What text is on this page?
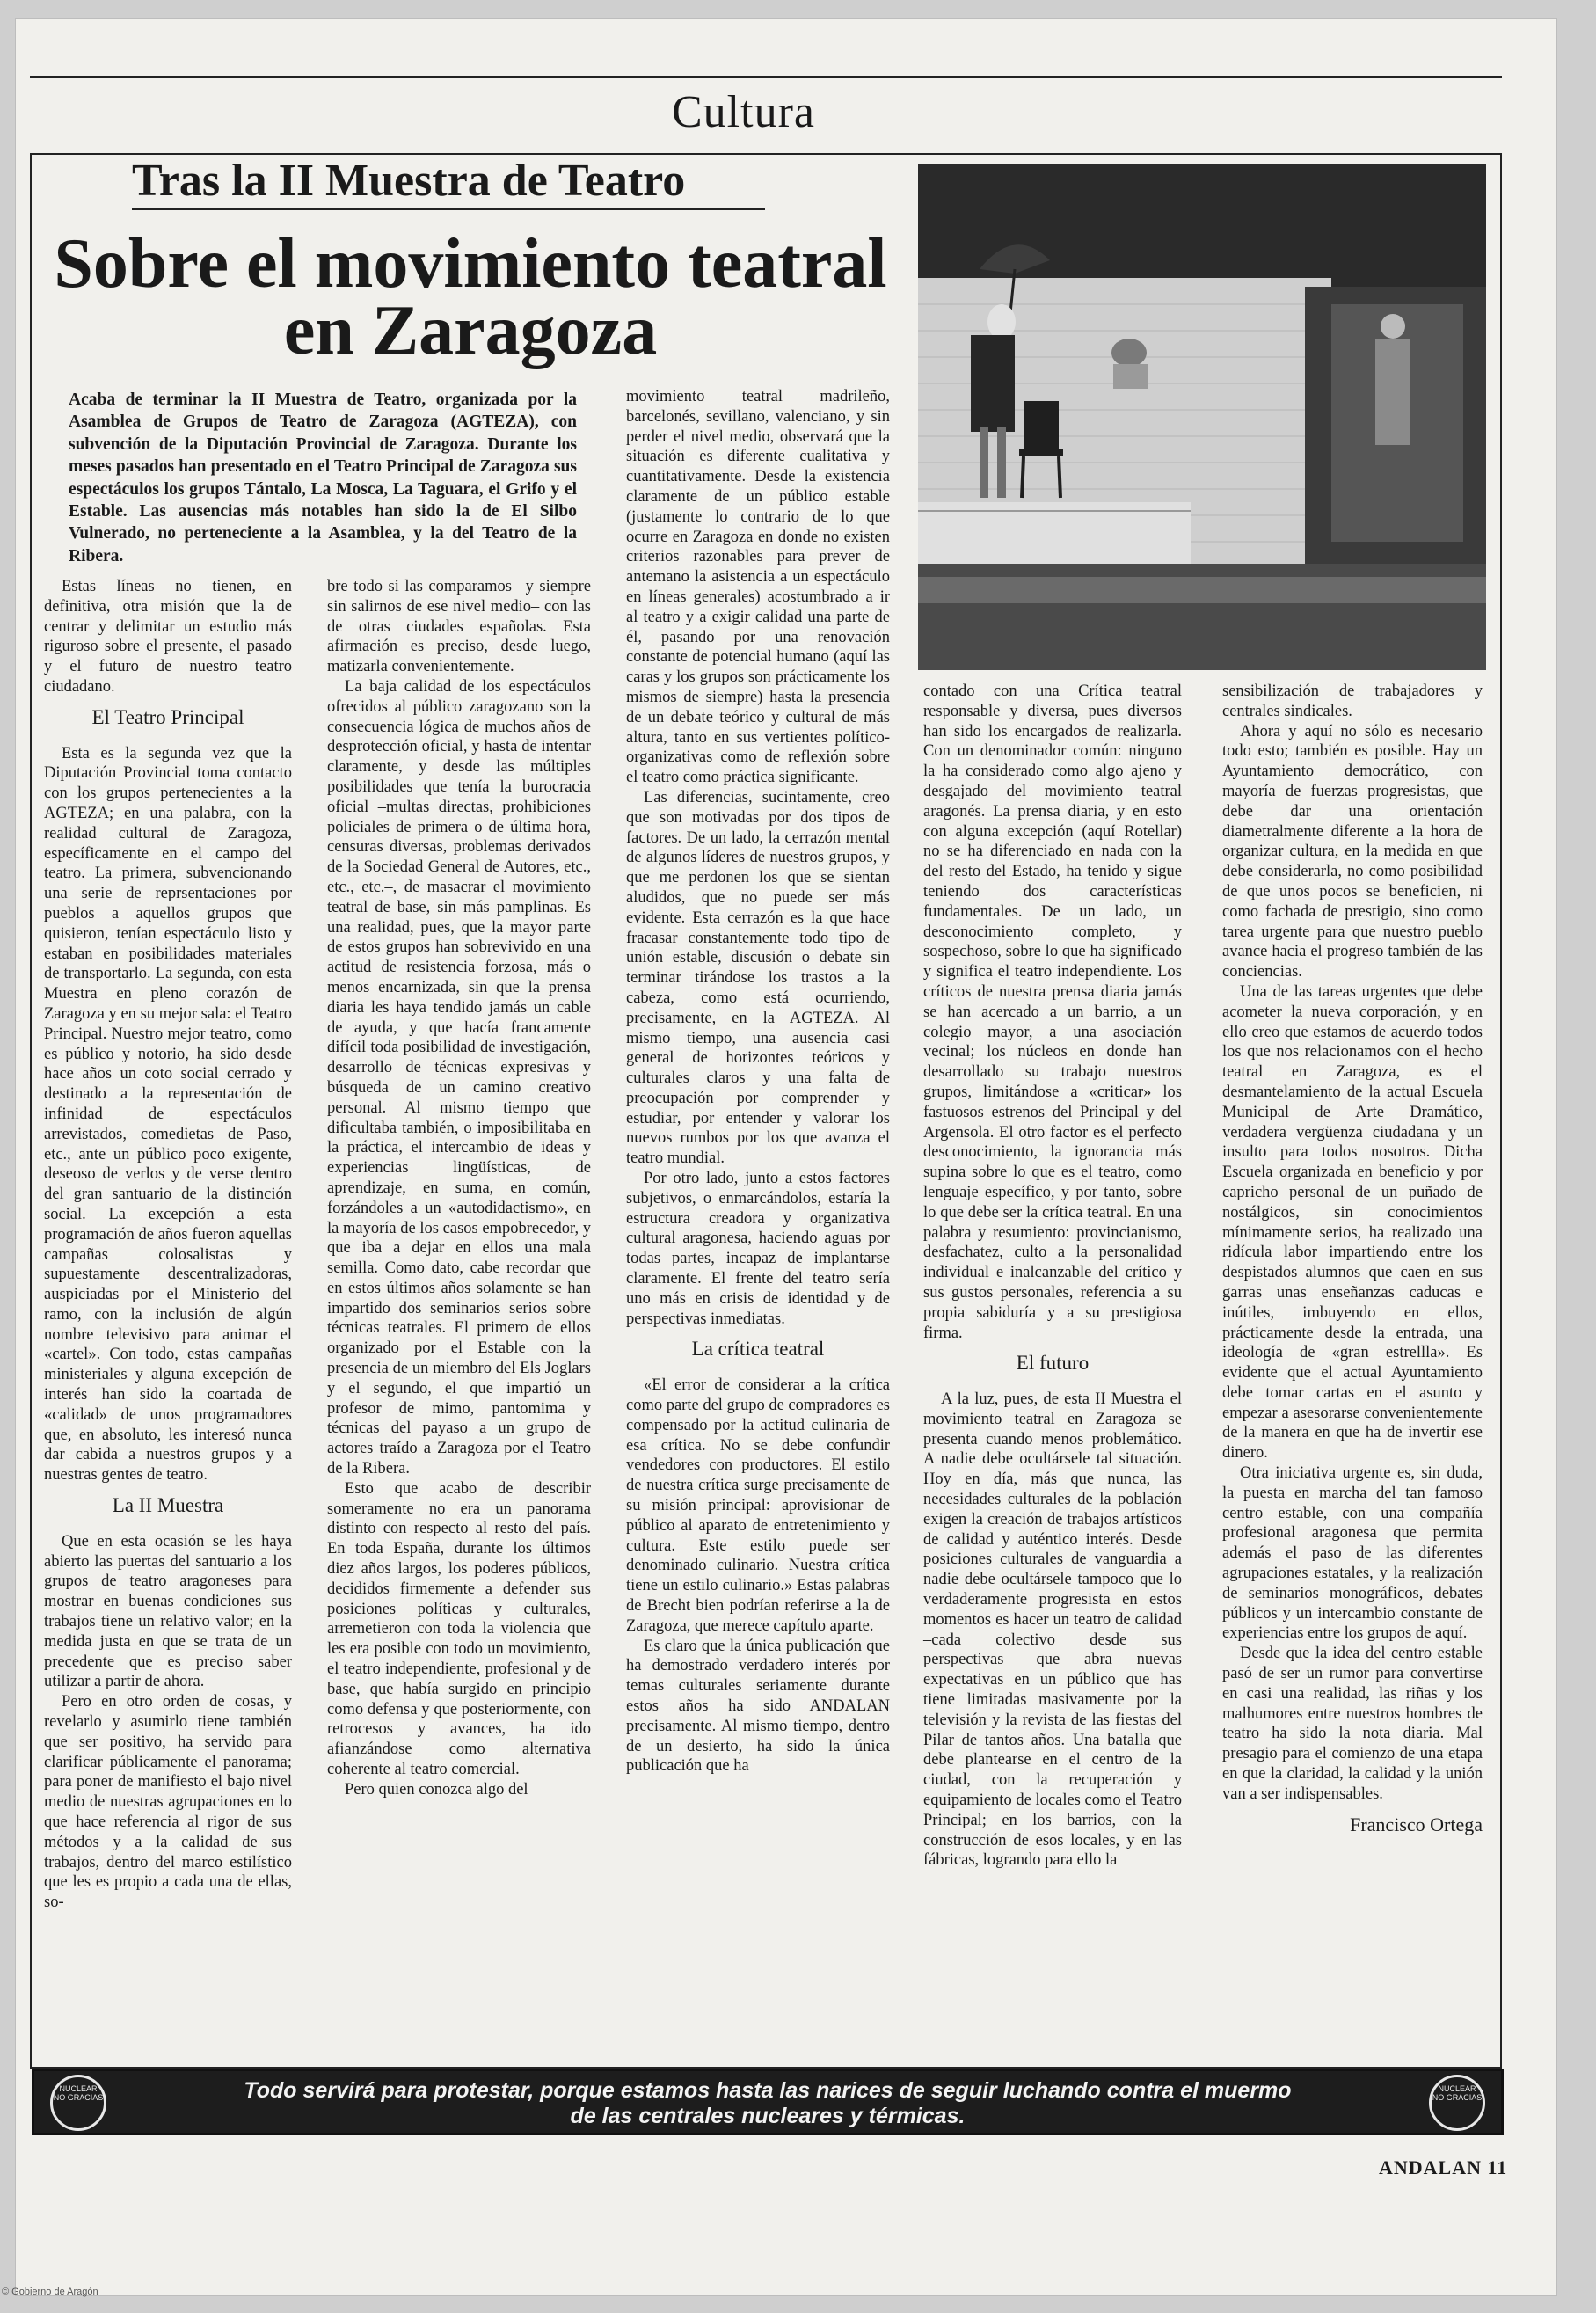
Cultura
Tras la II Muestra de Teatro
Sobre el movimiento teatral
en Zaragoza
Acaba de terminar la II Muestra de Teatro, organizada por la Asamblea de Grupos de Teatro de Zaragoza (AGTEZA), con subvención de la Diputación Provincial de Zaragoza. Durante los meses pasados han presentado en el Teatro Principal de Zaragoza sus espectáculos los grupos Tántalo, La Mosca, La Taguara, el Grifo y el Estable. Las ausencias más notables han sido la de El Silbo Vulnerado, no perteneciente a la Asamblea, y la del Teatro de la Ribera.

Estas líneas no tienen, en definitiva, otra misión que la de centrar y delimitar un estudio más riguroso sobre el presente, el pasado y el futuro de nuestro teatro ciudadano.

El Teatro Principal

Esta es la segunda vez que la Diputación Provincial toma contacto con los grupos pertenecientes a la AGTEZA; en una palabra, con la realidad cultural de Zaragoza, específicamente en el campo del teatro. La primera, subvencionando una serie de reprsentaciones por pueblos a aquellos grupos que quisieron, tenían espectáculo listo y estaban en posibilidades materiales de transportarlo. La segunda, con esta Muestra en pleno corazón de Zaragoza y en su mejor sala: el Teatro Principal. Nuestro mejor teatro, como es público y notorio, ha sido desde hace años un coto social cerrado y destinado a la representación de infinidad de espectáculos arrevistados, comedietas de Paso, etc., ante un público poco exigente, deseoso de verlos y de verse dentro del gran santuario de la distinción social. La excepción a esta programación de años fueron aquellas campañas colosalistas y supuestamente descentralizadoras, auspiciadas por el Ministerio del ramo, con la inclusión de algún nombre televisivo para animar el «cartel». Con todo, estas campañas ministeriales y alguna excepción de interés han sido la coartada de «calidad» de unos programadores que, en absoluto, les interesó nunca dar cabida a nuestros grupos y a nuestras gentes de teatro.

La II Muestra

Que en esta ocasión se les haya abierto las puertas del santuario a los grupos de teatro aragoneses para mostrar en buenas condiciones sus trabajos tiene un relativo valor; en la medida justa en que se trata de un precedente que es preciso saber utilizar a partir de ahora.

Pero en otro orden de cosas, y revelarlo y asumirlo tiene también que ser positivo, ha servido para clarificar públicamente el panorama; para poner de manifiesto el bajo nivel medio de nuestras agrupaciones en lo que hace referencia al rigor de sus métodos y a la calidad de sus trabajos, dentro del marco estilístico que les es propio a cada una de ellas, so-

bre todo si las comparamos –y siempre sin salirnos de ese nivel medio– con las de otras ciudades españolas. Esta afirmación es preciso, desde luego, matizarla convenientemente.

La baja calidad de los espectáculos ofrecidos al público zaragozano son la consecuencia lógica de muchos años de desprotección oficial, y hasta de intentar claramente, y desde las múltiples posibilidades que tenía la burocracia oficial –multas directas, prohibiciones policiales de primera o de última hora, censuras diversas, problemas derivados de la Sociedad General de Autores, etc., etc., etc.–, de masacrar el movimiento teatral de base, sin más pamplinas. Es una realidad, pues, que la mayor parte de estos grupos han sobrevivido en una actitud de resistencia forzosa, más o menos encarnizada, sin que la prensa diaria les haya tendido jamás un cable de ayuda, y que hacía francamente difícil toda posibilidad de investigación, desarrollo de técnicas expresivas y búsqueda de un camino creativo personal. Al mismo tiempo que dificultaba también, o imposibilitaba en la práctica, el intercambio de ideas y experiencias lingüísticas, de aprendizaje, en suma, en común, forzándoles a un «autodidactismo», en la mayoría de los casos empobrecedor, y que iba a dejar en ellos una mala semilla. Como dato, cabe recordar que en estos últimos años solamente se han impartido dos seminarios serios sobre técnicas teatrales. El primero de ellos organizado por el Estable con la presencia de un miembro del Els Joglars y el segundo, el que impartió un profesor de mimo, pantomima y técnicas del payaso a un grupo de actores traído a Zaragoza por el Teatro de la Ribera.

Esto que acabo de describir someramente no era un panorama distinto con respecto al resto del país. En toda España, durante los últimos diez años largos, los poderes públicos, decididos firmemente a defender sus posiciones políticas y culturales, arremetieron con toda la violencia que les era posible con todo un movimiento, el teatro independiente, profesional y de base, que había surgido en principio como defensa y que posteriormente, con retrocesos y avances, ha ido afianzándose como alternativa coherente al teatro comercial.

Pero quien conozca algo del

movimiento teatral madrileño, barcelonés, sevillano, valenciano, y sin perder el nivel medio, observará que la situación es diferente cualitativa y cuantitativamente. Desde la existencia claramente de un público estable (justamente lo contrario de lo que ocurre en Zaragoza en donde no existen criterios razonables para prever de antemano la asistencia a un espectáculo en líneas generales) acostumbrado a ir al teatro y a exigir calidad una parte de él, pasando por una renovación constante de potencial humano (aquí las caras y los grupos son prácticamente los mismos de siempre) hasta la presencia de un debate teórico y cultural de más altura, tanto en sus vertientes político-organizativas como de reflexión sobre el teatro como práctica significante.

Las diferencias, sucintamente, creo que son motivadas por dos tipos de factores. De un lado, la cerrazón mental de algunos líderes de nuestros grupos, y que me perdonen los que se sientan aludidos, que no puede ser más evidente. Esta cerrazón es la que hace fracasar constantemente todo tipo de unión estable, discusión o debate sin terminar tirándose los trastos a la cabeza, como está ocurriendo, precisamente, en la AGTEZA. Al mismo tiempo, una ausencia casi general de horizontes teóricos y culturales claros y una falta de preocupación por comprender y estudiar, por entender y valorar los nuevos rumbos por los que avanza el teatro mundial.

Por otro lado, junto a estos factores subjetivos, o enmarcándolos, estaría la estructura creadora y organizativa cultural aragonesa, haciendo aguas por todas partes, incapaz de implantarse claramente. El frente del teatro sería uno más en crisis de identidad y de perspectivas inmediatas.

La crítica teatral

«El error de considerar a la crítica como parte del grupo de compradores es compensado por la actitud culinaria de esa crítica. No se debe confundir vendedores con productores. El estilo de nuestra crítica surge precisamente de su misión principal: aprovisionar de público al aparato de entretenimiento y cultura. Este estilo puede ser denominado culinario. Nuestra crítica tiene un estilo culinario.» Estas palabras de Brecht bien podrían referirse a la de Zaragoza, que merece capítulo aparte.

Es claro que la única publicación que ha demostrado verdadero interés por temas culturales seriamente durante estos años ha sido ANDALAN precisamente. Al mismo tiempo, dentro de un desierto, ha sido la única publicación que ha

contado con una Crítica teatral responsable y diversa, pues diversos han sido los encargados de realizarla. Con un denominador común: ninguno la ha considerado como algo ajeno y desgajado del movimiento teatral aragonés. La prensa diaria, y en esto con alguna excepción (aquí Rotellar) no se ha diferenciado en nada con la del resto del Estado, ha tenido y sigue teniendo dos características fundamentales. De un lado, un desconocimiento completo, y sospechoso, sobre lo que ha significado y significa el teatro independiente. Los críticos de nuestra prensa diaria jamás se han acercado a un barrio, a un colegio mayor, a una asociación vecinal; los núcleos en donde han desarrollado su trabajo nuestros grupos, limitándose a «criticar» los fastuosos estrenos del Principal y del Argensola. El otro factor es el perfecto desconocimiento, la ignorancia más supina sobre lo que es el teatro, como lenguaje específico, y por tanto, sobre lo que debe ser la crítica teatral. En una palabra y resumiento: provincianismo, desfachatez, culto a la personalidad individual e inalcanzable del crítico y sus gustos personales, referencia a su propia sabiduría y a su prestigiosa firma.

El futuro

A la luz, pues, de esta II Muestra el movimiento teatral en Zaragoza se presenta cuando menos problemático. A nadie debe ocultársele tal situación. Hoy en día, más que nunca, las necesidades culturales de la población exigen la creación de trabajos artísticos de calidad y auténtico interés. Desde posiciones culturales de vanguardia a nadie debe ocultársele tampoco que lo verdaderamente progresista en estos momentos es hacer un teatro de calidad –cada colectivo desde sus perspectivas– que abra nuevas expectativas en un público que has tiene limitadas masivamente por la televisión y la revista de las fiestas del Pilar de tantos años. Una batalla que debe plantearse en el centro de la ciudad, con la recuperación y equipamiento de locales como el Teatro Principal; en los barrios, con la construcción de esos locales, y en las fábricas, logrando para ello la

sensibilización de trabajadores y centrales sindicales.

Ahora y aquí no sólo es necesario todo esto; también es posible. Hay un Ayuntamiento democrático, con mayoría de fuerzas progresistas, que debe dar una orientación diametralmente diferente a la hora de organizar cultura, en la medida en que debe considerarla, no como posibilidad de que unos pocos se beneficien, ni como fachada de prestigio, sino como tarea urgente para que nuestro pueblo avance hacia el progreso también de las conciencias.

Una de las tareas urgentes que debe acometer la nueva corporación, y en ello creo que estamos de acuerdo todos los que nos relacionamos con el hecho teatral en Zaragoza, es el desmantelamiento de la actual Escuela Municipal de Arte Dramático, verdadera vergüenza ciudadana y un insulto para todos nosotros. Dicha Escuela organizada en beneficio y por capricho personal de un puñado de nostálgicos, sin conocimientos mínimamente serios, ha realizado una ridícula labor impartiendo entre los despistados alumnos que caen en sus garras unas enseñanzas caducas e inútiles, imbuyendo en ellos, prácticamente desde la entrada, una ideología de «gran estrellla». Es evidente que el actual Ayuntamiento debe tomar cartas en el asunto y empezar a asesorarse convenientemente de la manera en que ha de invertir ese dinero.

Otra iniciativa urgente es, sin duda, la puesta en marcha del tan famoso centro estable, con una compañía profesional aragonesa que permita además el paso de las diferentes agrupaciones estatales, y la realización de seminarios monográficos, debates públicos y un intercambio constante de experiencias entre los grupos de aquí.

Desde que la idea del centro estable pasó de ser un rumor para convertirse en casi una realidad, las riñas y los malhumores entre nuestros hombres de teatro ha sido la nota diaria. Mal presagio para el comienzo de una etapa en que la claridad, la calidad y la unión van a ser indispensables.

Francisco Ortega
NUCLEAR NO GRACIAS	Todo servirá para protestar, porque estamos hasta las narices de seguir luchando contra el muermo
de las centrales nucleares y térmicas.
NUCLEAR NO GRACIAS
ANDALAN 11
© Gobierno de Aragón
